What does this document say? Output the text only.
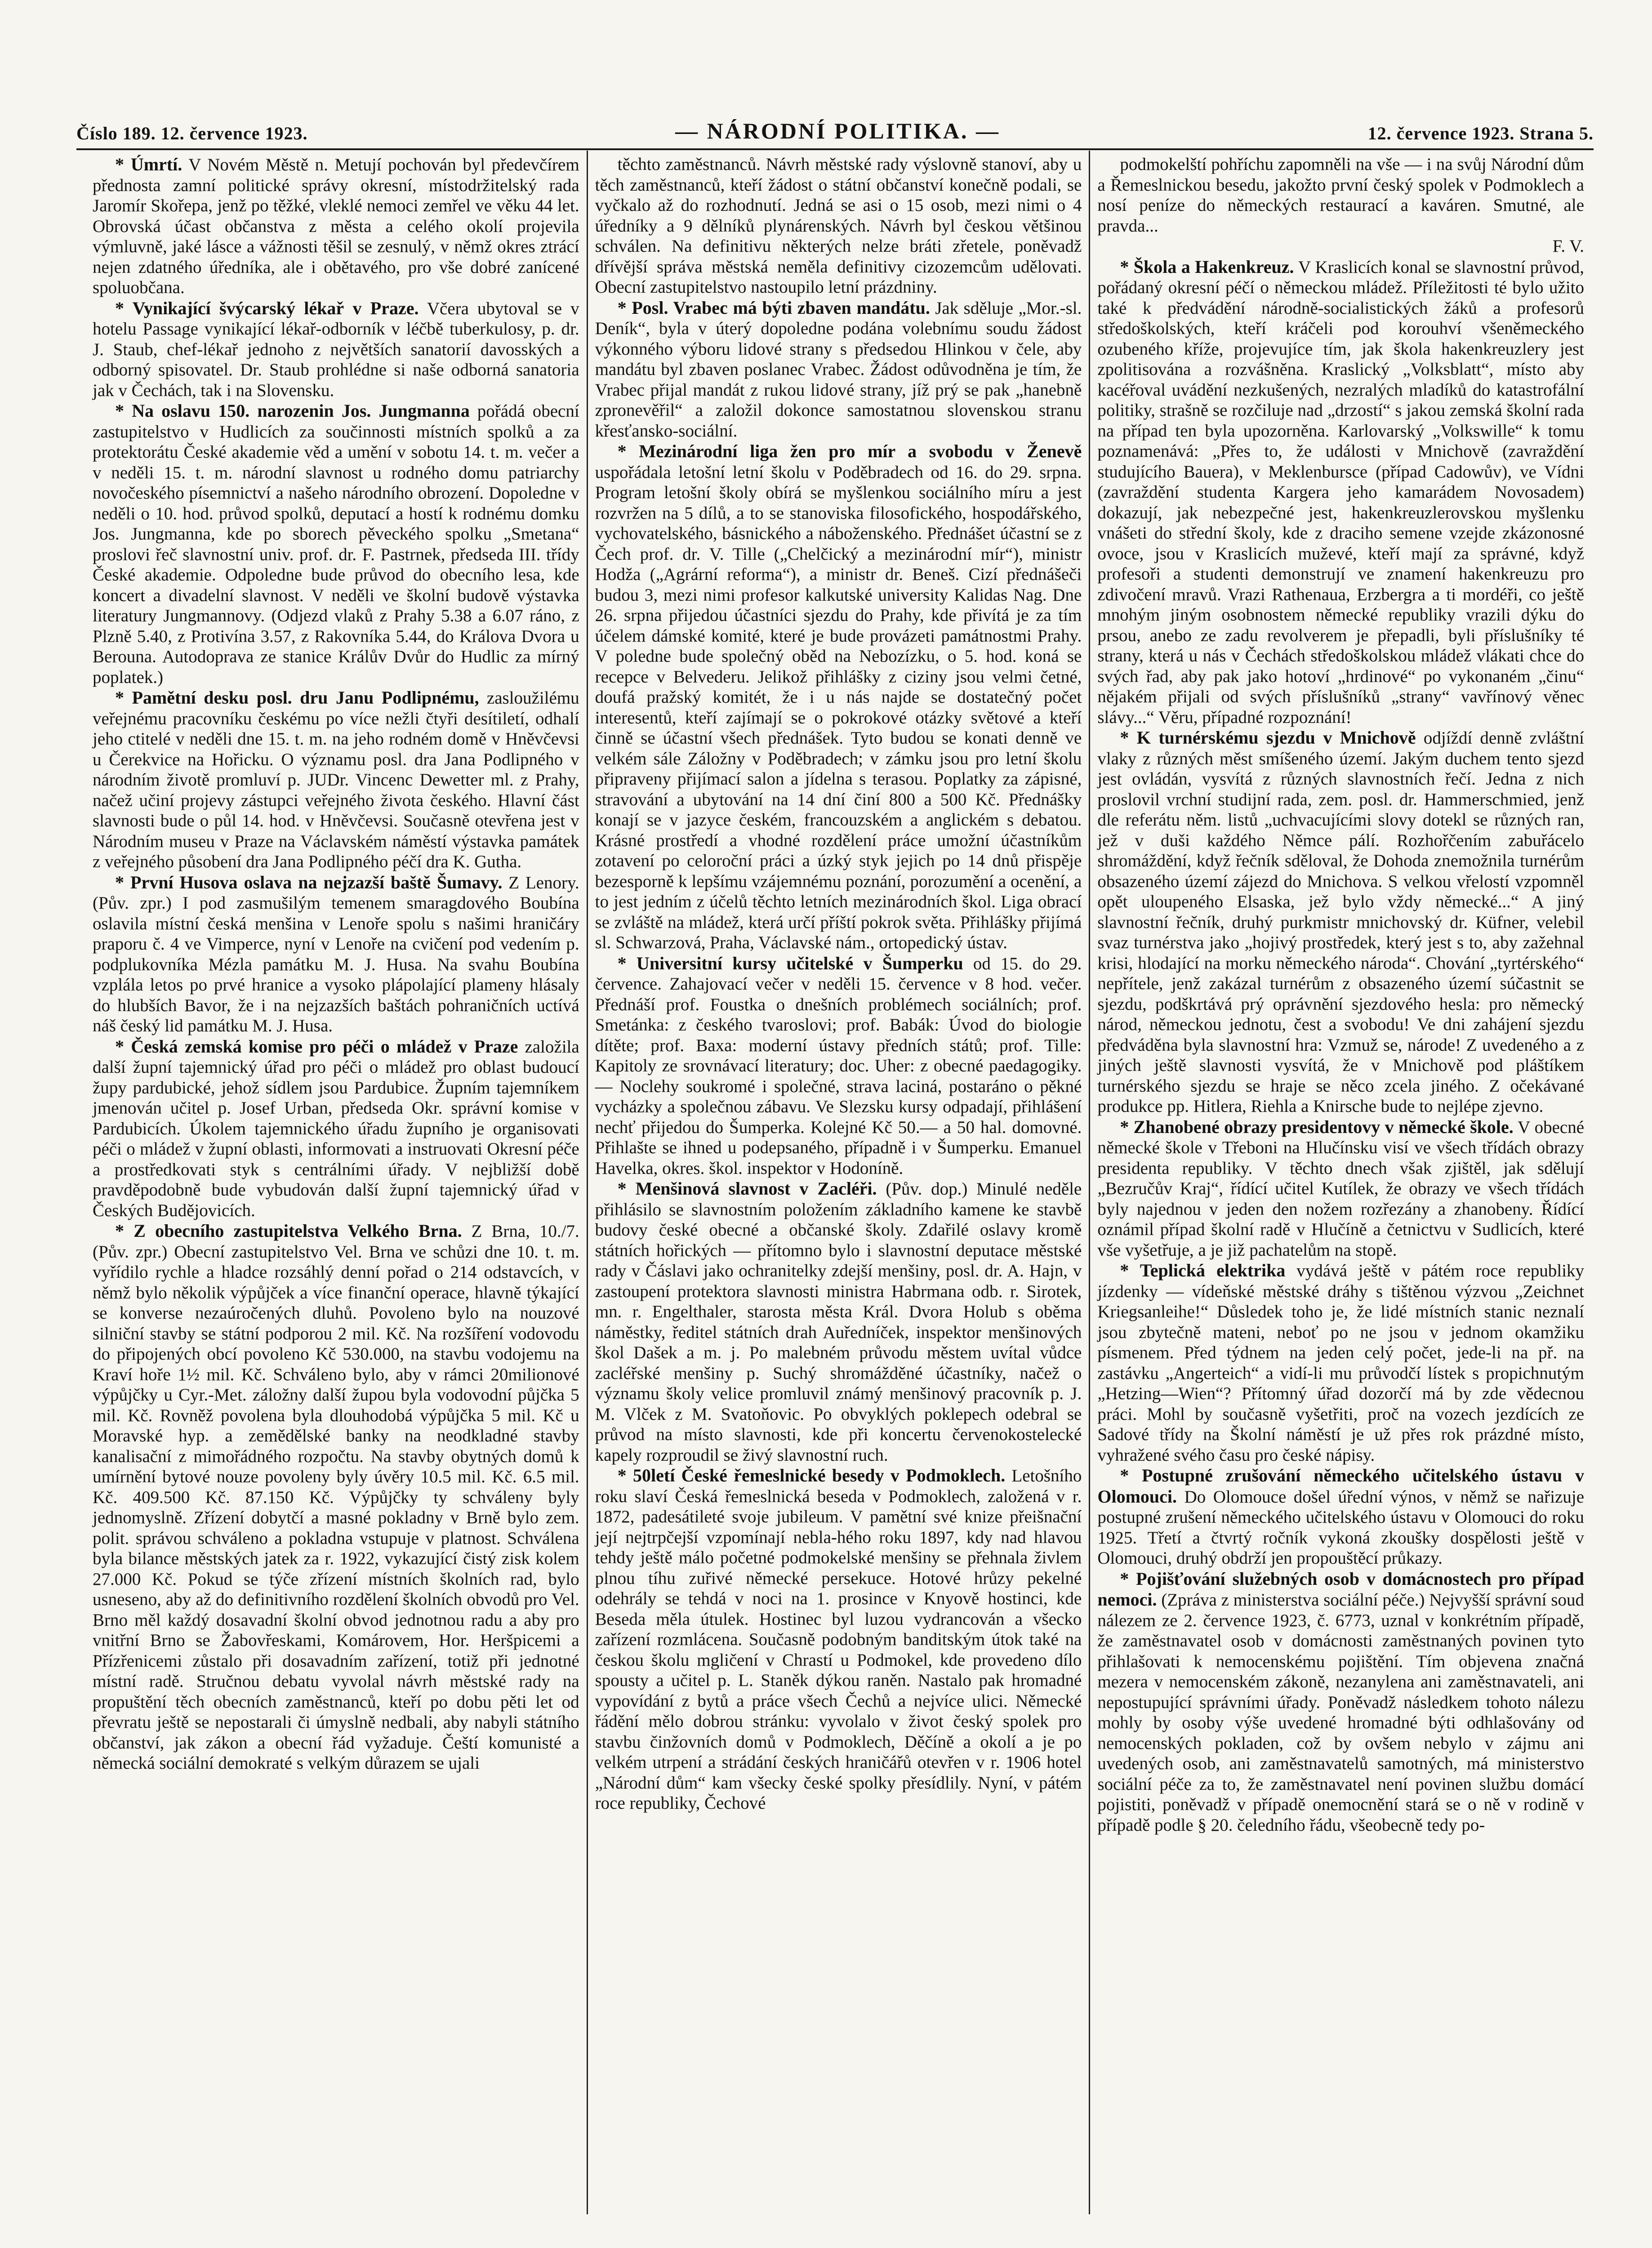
Číslo 189. 12. července 1923.	— NÁRODNÍ POLITIKA. —	12. července 1923. Strana 5.

* Úmrtí. V Novém Městě n. Metují pochován byl předevčírem přednosta zamní politické správy okresní, místodržitelský rada Jaromír Skořepa, jenž po těžké, vleklé nemoci zemřel ve věku 44 let. Obrovská účast občanstva z města a celého okolí projevila výmluvně, jaké lásce a vážnosti těšil se zesnulý, v němž okres ztrácí nejen zdatného úředníka, ale i obětavého, pro vše dobré zanícené spoluobčana.

* Vynikající švýcarský lékař v Praze. Včera ubytoval se v hotelu Passage vynikající lékař-odborník v léčbě tuberkulosy, p. dr. J. Staub, chef-lékař jednoho z největších sanatorií davosských a odborný spisovatel. Dr. Staub prohlédne si naše odborná sanatoria jak v Čechách, tak i na Slovensku.

* Na oslavu 150. narozenin Jos. Jungmanna pořádá obecní zastupitelstvo v Hudlicích za součinnosti místních spolků a za protektorátu České akademie věd a umění v sobotu 14. t. m. večer a v neděli 15. t. m. národní slavnost u rodného domu patriarchy novočeského písemnictví a našeho národního obrození. Dopoledne v neděli o 10. hod. průvod spolků, deputací a hostí k rodnému domku Jos. Jungmanna, kde po sborech pěveckého spolku „Smetana“ proslovi řeč slavnostní univ. prof. dr. F. Pastrnek, předseda III. třídy České akademie. Odpoledne bude průvod do obecního lesa, kde koncert a divadelní slavnost. V neděli ve školní budově výstavka literatury Jungmannovy. (Odjezd vlaků z Prahy 5.38 a 6.07 ráno, z Plzně 5.40, z Protivína 3.57, z Rakovníka 5.44, do Králova Dvora u Berouna. Autodoprava ze stanice Králův Dvůr do Hudlic za mírný poplatek.)

* Pamětní desku posl. dru Janu Podlipnému, zasloužilému veřejnému pracovníku českému po více nežli čtyři desítiletí, odhalí jeho ctitelé v neděli dne 15. t. m. na jeho rodném domě v Hněvčevsi u Čerekvice na Hořicku. O významu posl. dra Jana Podlipného v národním životě promluví p. JUDr. Vincenc Dewetter ml. z Prahy, načež učiní projevy zástupci veřejného života českého. Hlavní část slavnosti bude o půl 14. hod. v Hněvčevsi. Současně otevřena jest v Národním museu v Praze na Václavském náměstí výstavka památek z veřejného působení dra Jana Podlipného péčí dra K. Gutha.

* První Husova oslava na nejzazší baště Šumavy. Z Lenory. (Pův. zpr.) I pod zasmušilým temenem smaragdového Boubína oslavila místní česká menšina v Lenoře spolu s našimi hraničáry praporu č. 4 ve Vimperce, nyní v Lenoře na cvičení pod vedením p. podplukovníka Mézla památku M. J. Husa. Na svahu Boubína vzplála letos po prvé hranice a vysoko plápolající plameny hlásaly do hlubších Bavor, že i na nejzazších baštách pohraničních uctívá náš český lid památku M. J. Husa.

* Česká zemská komise pro péči o mládež v Praze založila další župní tajemnický úřad pro péči o mládež pro oblast budoucí župy pardubické, jehož sídlem jsou Pardubice. Župním tajemníkem jmenován učitel p. Josef Urban, předseda Okr. správní komise v Pardubicích. Úkolem tajemnického úřadu župního je organisovati péči o mládež v župní oblasti, informovati a instruovati Okresní péče a prostředkovati styk s centrálními úřady. V nejbližší době pravděpodobně bude vybudován další župní tajemnický úřad v Českých Budějovicích.

* Z obecního zastupitelstva Velkého Brna. Z Brna, 10./7. (Pův. zpr.) Obecní zastupitelstvo Vel. Brna ve schůzi dne 10. t. m. vyřídilo rychle a hladce rozsáhlý denní pořad o 214 odstavcích, v němž bylo několik výpůjček a více finanční operace, hlavně týkající se konverse nezaúročených dluhů. Povoleno bylo na nouzové silniční stavby se státní podporou 2 mil. Kč. Na rozšíření vodovodu do připojených obcí povoleno Kč 530.000, na stavbu vodojemu na Kraví hoře 1½ mil. Kč. Schváleno bylo, aby v rámci 20milionové výpůjčky u Cyr.-Met. záložny další župou byla vodovodní půjčka 5 mil. Kč. Rovněž povolena byla dlouhodobá výpůjčka 5 mil. Kč u Moravské hyp. a zemědělské banky na neodkladné stavby kanalisační z mimořádného rozpočtu. Na stavby obytných domů k umírnění bytové nouze povoleny byly úvěry 10.5 mil. Kč. 6.5 mil. Kč. 409.500 Kč. 87.150 Kč. Výpůjčky ty schváleny byly jednomyslně. Zřízení dobytčí a masné pokladny v Brně bylo zem. polit. správou schváleno a pokladna vstupuje v platnost. Schválena byla bilance městských jatek za r. 1922, vykazující čistý zisk kolem 27.000 Kč. Pokud se týče zřízení místních školních rad, bylo usneseno, aby až do definitivního rozdělení školních obvodů pro Vel. Brno měl každý dosavadní školní obvod jednotnou radu a aby pro vnitřní Brno se Žabovřeskami, Komárovem, Hor. Heršpicemi a Přízřenicemi zůstalo při dosavadním zařízení, totiž při jednotné místní radě. Stručnou debatu vyvolal návrh městské rady na propuštění těch obecních zaměstnanců, kteří po dobu pěti let od převratu ještě se nepostarali či úmyslně nedbali, aby nabyli státního občanství, jak zákon a obecní řád vyžaduje. Čeští komunisté a německá sociální demokraté s velkým důrazem se ujali

těchto zaměstnanců. Návrh městské rady výslovně stanoví, aby u těch zaměstnanců, kteří žádost o státní občanství konečně podali, se vyčkalo až do rozhodnutí. Jedná se asi o 15 osob, mezi nimi o 4 úředníky a 9 dělníků plynárenských. Návrh byl českou většinou schválen. Na definitivu některých nelze bráti zřetele, poněvadž dřívější správa městská neměla definitivy cizozemcům udělovati. Obecní zastupitelstvo nastoupilo letní prázdniny.

* Posl. Vrabec má býti zbaven mandátu. Jak sděluje „Mor.-sl. Deník“, byla v úterý dopoledne podána volebnímu soudu žádost výkonného výboru lidové strany s předsedou Hlinkou v čele, aby mandátu byl zbaven poslanec Vrabec. Žádost odůvodněna je tím, že Vrabec přijal mandát z rukou lidové strany, jíž prý se pak „hanebně zpronevěřil“ a založil dokonce samostatnou slovenskou stranu křesťansko-sociální.

* Mezinárodní liga žen pro mír a svobodu v Ženevě uspořádala letošní letní školu v Poděbradech od 16. do 29. srpna. Program letošní školy obírá se myšlenkou sociálního míru a jest rozvržen na 5 dílů, a to se stanoviska filosofického, hospodářského, vychovatelského, básnického a náboženského. Přednášet účastní se z Čech prof. dr. V. Tille („Chelčický a mezinárodní mír“), ministr Hodža („Agrární reforma“), a ministr dr. Beneš. Cizí přednášeči budou 3, mezi nimi profesor kalkutské university Kalidas Nag. Dne 26. srpna přijedou účastníci sjezdu do Prahy, kde přivítá je za tím účelem dámské komité, které je bude provázeti památnostmi Prahy. V poledne bude společný oběd na Nebozízku, o 5. hod. koná se recepce v Belvederu. Jelikož přihlášky z ciziny jsou velmi četné, doufá pražský komitét, že i u nás najde se dostatečný počet interesentů, kteří zajímají se o pokrokové otázky světové a kteří činně se účastní všech přednášek. Tyto budou se konati denně ve velkém sále Záložny v Poděbradech; v zámku jsou pro letní školu připraveny přijímací salon a jídelna s terasou. Poplatky za zápisné, stravování a ubytování na 14 dní činí 800 a 500 Kč. Přednášky konají se v jazyce českém, francouzském a anglickém s debatou. Krásné prostředí a vhodné rozdělení práce umožní účastníkům zotavení po celoroční práci a úzký styk jejich po 14 dnů přispěje bezesporně k lepšímu vzájemnému poznání, porozumění a ocenění, a to jest jedním z účelů těchto letních mezinárodních škol. Liga obrací se zvláště na mládež, která určí příští pokrok světa. Přihlášky přijímá sl. Schwarzová, Praha, Václavské nám., ortopedický ústav.

* Universitní kursy učitelské v Šumperku od 15. do 29. července. Zahajovací večer v neděli 15. července v 8 hod. večer. Přednáší prof. Foustka o dnešních problémech sociálních; prof. Smetánka: z českého tvaroslovi; prof. Babák: Úvod do biologie dítěte; prof. Baxa: moderní ústavy předních států; prof. Tille: Kapitoly ze srovnávací literatury; doc. Uher: z obecné paedagogiky. — Noclehy soukromé i společné, strava laciná, postaráno o pěkné vycházky a společnou zábavu. Ve Slezsku kursy odpadají, přihlášení nechť přijedou do Šumperka. Kolejné Kč 50.— a 50 hal. domovné. Přihlašte se ihned u podepsaného, případně i v Šumperku. Emanuel Havelka, okres. škol. inspektor v Hodoníně.

* Menšinová slavnost v Zacléři. (Pův. dop.) Minulé neděle přihlásilo se slavnostním položením základního kamene ke stavbě budovy české obecné a občanské školy. Zdařilé oslavy kromě státních hořických — přítomno bylo i slavnostní deputace městské rady v Čáslavi jako ochranitelky zdejší menšiny, posl. dr. A. Hajn, v zastoupení protektora slavnosti ministra Habrmana odb. r. Sirotek, mn. r. Engelthaler, starosta města Král. Dvora Holub s oběma náměstky, ředitel státních drah Auředníček, inspektor menšinových škol Dašek a m. j. Po malebném průvodu městem uvítal vůdce zacléřské menšiny p. Suchý shromážděné účastníky, načež o významu školy velice promluvil známý menšinový pracovník p. J. M. Vlček z M. Svatoňovic. Po obvyklých poklepech odebral se průvod na místo slavnosti, kde při koncertu červenokostelecké kapely rozproudil se živý slavnostní ruch.

* 50letí České řemeslnické besedy v Podmoklech. Letošního roku slaví Česká řemeslnická beseda v Podmoklech, založená v r. 1872, padesátileté svoje jubileum. V pamětní své knize přeišnační její nejtrpčejší vzpomínají nebla-hého roku 1897, kdy nad hlavou tehdy ještě málo početné podmokelské menšiny se přehnala živlem plnou tíhu zuřivé německé persekuce. Hotové hrůzy pekelné odehrály se tehdá v noci na 1. prosince v Knyově hostinci, kde Beseda měla útulek. Hostinec byl luzou vydrancován a všecko zařízení rozmlácena. Současně podobným banditským útok také na českou školu mgličení v Chrastí u Podmokel, kde provedeno dílo spousty a učitel p. L. Staněk dýkou raněn. Nastalo pak hromadné vypovídání z bytů a práce všech Čechů a nejvíce ulici. Německé řádění mělo dobrou stránku: vyvolalo v život český spolek pro stavbu činžovních domů v Podmoklech, Děčíně a okolí a je po velkém utrpení a strádání českých hraničářů otevřen v r. 1906 hotel „Národní dům“ kam všecky české spolky přesídlily. Nyní, v pátém roce republiky, Čechové

podmokelští pohříchu zapomněli na vše — i na svůj Národní dům a Řemeslnickou besedu, jakožto první český spolek v Podmoklech a nosí peníze do německých restaurací a kaváren. Smutné, ale pravda...

F. V.

* Škola a Hakenkreuz. V Kraslicích konal se slavnostní průvod, pořádaný okresní péčí o německou mládež. Příležitosti té bylo užito také k předvádění národně-socialistických žáků a profesorů středoškolských, kteří kráčeli pod korouhví všeněmeckého ozubeného kříže, projevujíce tím, jak škola hakenkreuzlery jest zpolitisována a rozvášněna. Kraslický „Volksblatt“, místo aby kacéřoval uvádění nezkušených, nezralých mladíků do katastrofální politiky, strašně se rozčiluje nad „drzostí“ s jakou zemská školní rada na případ ten byla upozorněna. Karlovarský „Volkswille“ k tomu poznamenává: „Přes to, že události v Mnichově (zavraždění studujícího Bauera), v Meklenbursce (případ Cadowův), ve Vídni (zavraždění studenta Kargera jeho kamarádem Novosadem) dokazují, jak nebezpečné jest, hakenkreuzlerovskou myšlenku vnášeti do střední školy, kde z draciho semene vzejde zkázonosné ovoce, jsou v Kraslicích muževé, kteří mají za správné, když profesoři a studenti demonstrují ve znamení hakenkreuzu pro zdivočení mravů. Vrazi Rathenaua, Erzbergra a ti mordéři, co ještě mnohým jiným osobnostem německé republiky vrazili dýku do prsou, anebo ze zadu revolverem je přepadli, byli příslušníky té strany, která u nás v Čechách středoškolskou mládež vlákati chce do svých řad, aby pak jako hotoví „hrdinové“ po vykonaném „činu“ nějakém přijali od svých příslušníků „strany“ vavřínový věnec slávy...“ Věru, případné rozpoznání!

* K turnérskému sjezdu v Mnichově odjíždí denně zvláštní vlaky z různých měst smíšeného území. Jakým duchem tento sjezd jest ovládán, vysvítá z různých slavnostních řečí. Jedna z nich proslovil vrchní studijní rada, zem. posl. dr. Hammerschmied, jenž dle referátu něm. listů „uchvacujícími slovy dotekl se různých ran, jež v duši každého Němce pálí. Rozhořčením zabuřácelo shromáždění, když řečník sděloval, že Dohoda znemožnila turnérům obsazeného území zájezd do Mnichova. S velkou vřelostí vzpomněl opět uloupeného Elsaska, jež bylo vždy německé...“ A jiný slavnostní řečník, druhý purkmistr mnichovský dr. Küfner, velebil svaz turnérstva jako „hojivý prostředek, který jest s to, aby zažehnal krisi, hlodající na morku německého národa“. Chování „tyrtérského“ nepřítele, jenž zakázal turnérům z obsazeného území súčastnit se sjezdu, podškrtává prý oprávnění sjezdového hesla: pro německý národ, německou jednotu, čest a svobodu! Ve dni zahájení sjezdu předváděna byla slavnostní hra: Vzmuž se, národe! Z uvedeného a z jiných ještě slavnosti vysvítá, že v Mnichově pod pláštíkem turnérského sjezdu se hraje se něco zcela jiného. Z očekávané produkce pp. Hitlera, Riehla a Knirsche bude to nejlépe zjevno.

* Zhanobené obrazy presidentovy v německé škole. V obecné německé škole v Třeboni na Hlučínsku visí ve všech třídách obrazy presidenta republiky. V těchto dnech však zjištěl, jak sdělují „Bezručův Kraj“, řídící učitel Kutílek, že obrazy ve všech třídách byly najednou v jeden den nožem rozřezány a zhanobeny. Řídící oznámil případ školní radě v Hlučíně a četnictvu v Sudlicích, které vše vyšetřuje, a je již pachatelům na stopě.

* Teplická elektrika vydává ještě v pátém roce republiky jízdenky — vídeňské městské dráhy s tištěnou výzvou „Zeichnet Kriegsanleihe!“ Důsledek toho je, že lidé místních stanic neznalí jsou zbytečně mateni, neboť po ne jsou v jednom okamžiku písmenem. Před týdnem na jeden celý počet, jede-li na př. na zastávku „Angerteich“ a vidí-li mu průvodčí lístek s propichnutým „Hetzing—Wien“? Přítomný úřad dozorčí má by zde vědecnou práci. Mohl by současně vyšetřiti, proč na vozech jezdících ze Sadové třídy na Školní náměstí je už přes rok prázdné místo, vyhražené svého času pro české nápisy.

* Postupné zrušování německého učitelského ústavu v Olomouci. Do Olomouce došel úřední výnos, v němž se nařizuje postupné zrušení německého učitelského ústavu v Olomouci do roku 1925. Třetí a čtvrtý ročník vykoná zkoušky dospělosti ještě v Olomouci, druhý obdrží jen propouštěcí průkazy.

* Pojišťování služebných osob v domácnostech pro případ nemoci. (Zpráva z ministerstva sociální péče.) Nejvyšší správní soud nálezem ze 2. července 1923, č. 6773, uznal v konkrétním případě, že zaměstnavatel osob v domácnosti zaměstnaných povinen tyto přihlašovati k nemocenskému pojištění. Tím objevena značná mezera v nemocenském zákoně, nezanylena ani zaměstnavateli, ani nepostupující správními úřady. Poněvadž následkem tohoto nálezu mohly by osoby výše uvedené hromadné býti odhlašovány od nemocenských pokladen, což by ovšem nebylo v zájmu ani uvedených osob, ani zaměstnavatelů samotných, má ministerstvo sociální péče za to, že zaměstnavatel není povinen službu domácí pojistiti, poněvadž v případě onemocnění stará se o ně v rodině v případě podle § 20. čeledního řádu, všeobecně tedy po-
